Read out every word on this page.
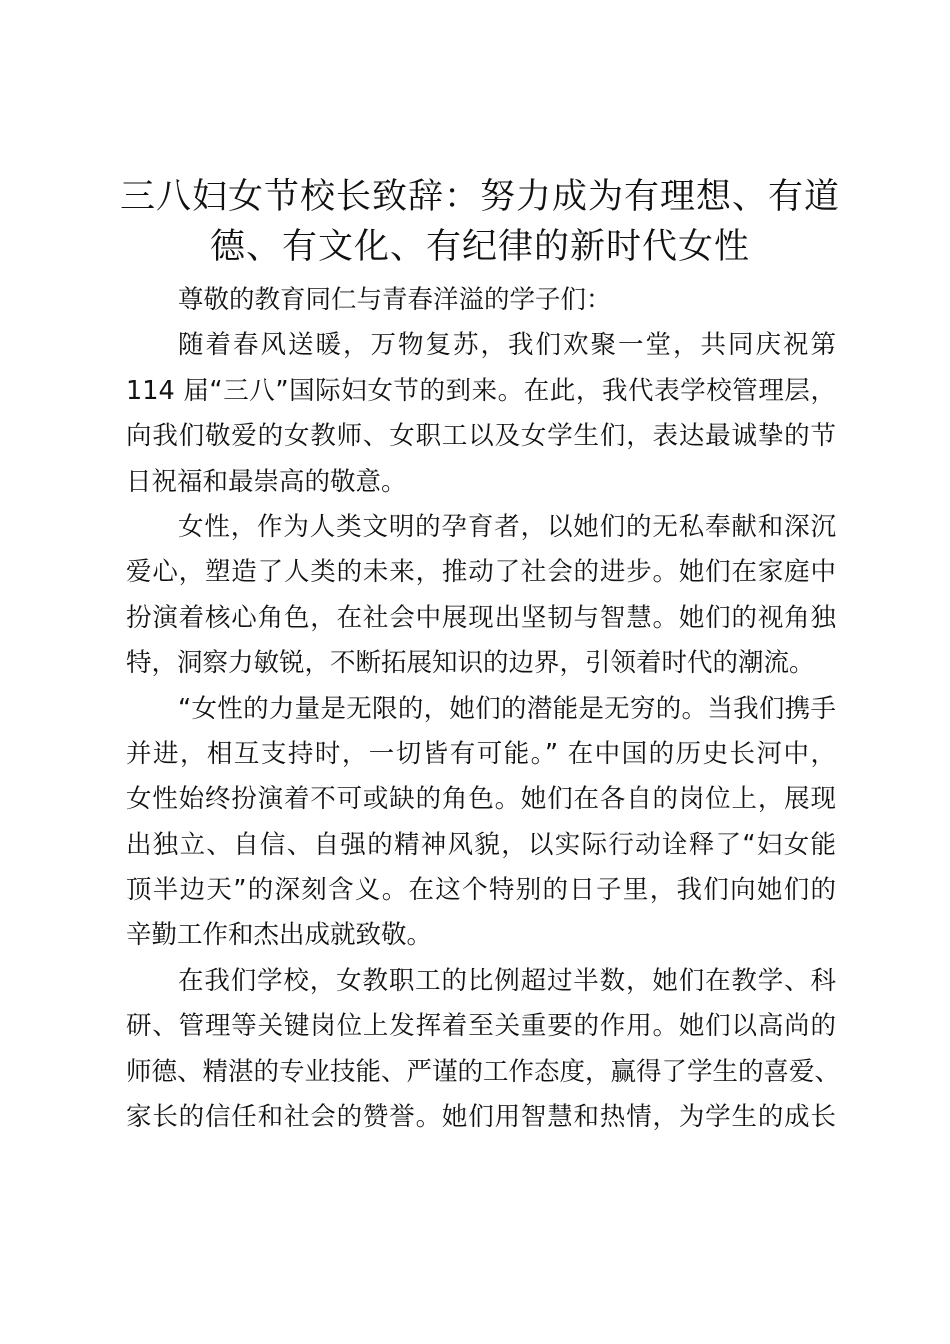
三八妇女节校长致辞：努力成为有理想、有道
德、有文化、有纪律的新时代女性
尊敬的教育同仁与青春洋溢的学子们：
随着春风送暖，万物复苏，我们欢聚一堂，共同庆祝第
114 届“三八”国际妇女节的到来。在此，我代表学校管理层，
向我们敬爱的女教师、女职工以及女学生们，表达最诚挚的节
日祝福和最崇高的敬意。
女性，作为人类文明的孕育者，以她们的无私奉献和深沉
爱心，塑造了人类的未来，推动了社会的进步。她们在家庭中
扮演着核心角色，在社会中展现出坚韧与智慧。她们的视角独
特，洞察力敏锐，不断拓展知识的边界，引领着时代的潮流。
“女性的力量是无限的，她们的潜能是无穷的。当我们携手
并进，相互支持时，一切皆有可能。” 在中国的历史长河中，
女性始终扮演着不可或缺的角色。她们在各自的岗位上，展现
出独立、自信、自强的精神风貌，以实际行动诠释了“妇女能
顶半边天”的深刻含义。在这个特别的日子里，我们向她们的
辛勤工作和杰出成就致敬。
在我们学校，女教职工的比例超过半数，她们在教学、科
研、管理等关键岗位上发挥着至关重要的作用。她们以高尚的
师德、精湛的专业技能、严谨的工作态度，赢得了学生的喜爱、
家长的信任和社会的赞誉。她们用智慧和热情，为学生的成长
